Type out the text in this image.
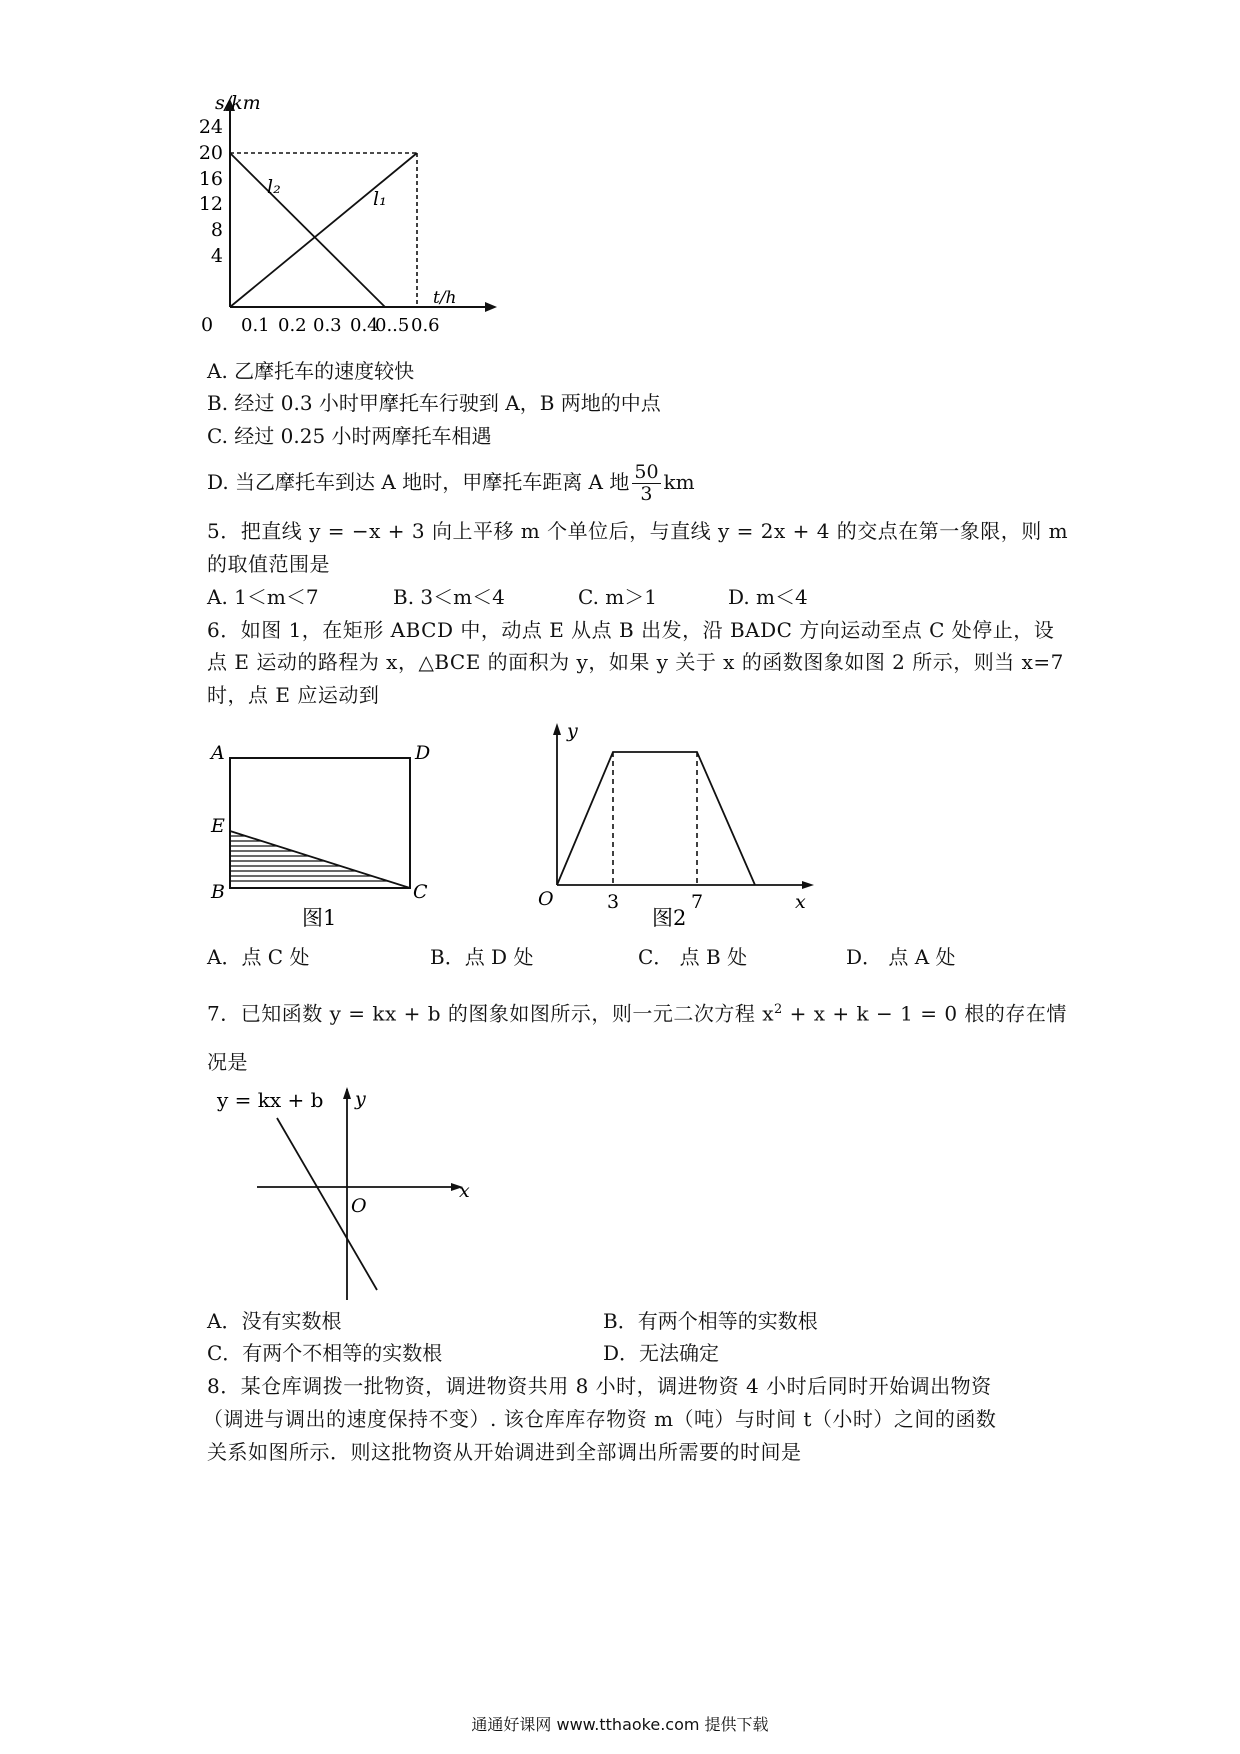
s/km
24
20
16
12
8
4
0 0.1 0.2 0.3 0.4
0..5 0.6
t/h
l₂
l₁
A. 乙摩托车的速度较快
B. 经过 0.3 小时甲摩托车行驶到 A，B 两地的中点
C. 经过 0.25 小时两摩托车相遇
D. 当乙摩托车到达 A 地时，甲摩托车距离 A 地 $\frac{50}{3}$ km
5．把直线 y = −x + 3 向上平移 m 个单位后，与直线 y = 2x + 4 的交点在第一象限，则 m
的取值范围是
A. 1＜m＜7	B. 3＜m＜4	C. m＞1	D. m＜4
6．如图 1，在矩形 ABCD 中，动点 E 从点 B 出发，沿 BADC 方向运动至点 C 处停止，设
点 E 运动的路程为 x，△BCE 的面积为 y，如果 y 关于 x 的函数图象如图 2 所示，则当 x=7
时，点 E 应运动到
A	D
E
B	C
图1
y
O	3	7	x
图2
A．点 C 处	B．点 D 处	C． 点 B 处	D． 点 A 处
7．已知函数 y = kx + b 的图象如图所示，则一元二次方程 $x^2 + x + k - 1 = 0$ 根的存在情
况是
y = kx + b y
x
O
A．没有实数根	B．有两个相等的实数根
C．有两个不相等的实数根	D．无法确定
8．某仓库调拨一批物资，调进物资共用 8 小时，调进物资 4 小时后同时开始调出物资
（调进与调出的速度保持不变）. 该仓库库存物资 m（吨）与时间 t（小时）之间的函数
关系如图所示．则这批物资从开始调进到全部调出所需要的时间是
通通好课网 www.tthaoke.com 提供下载
